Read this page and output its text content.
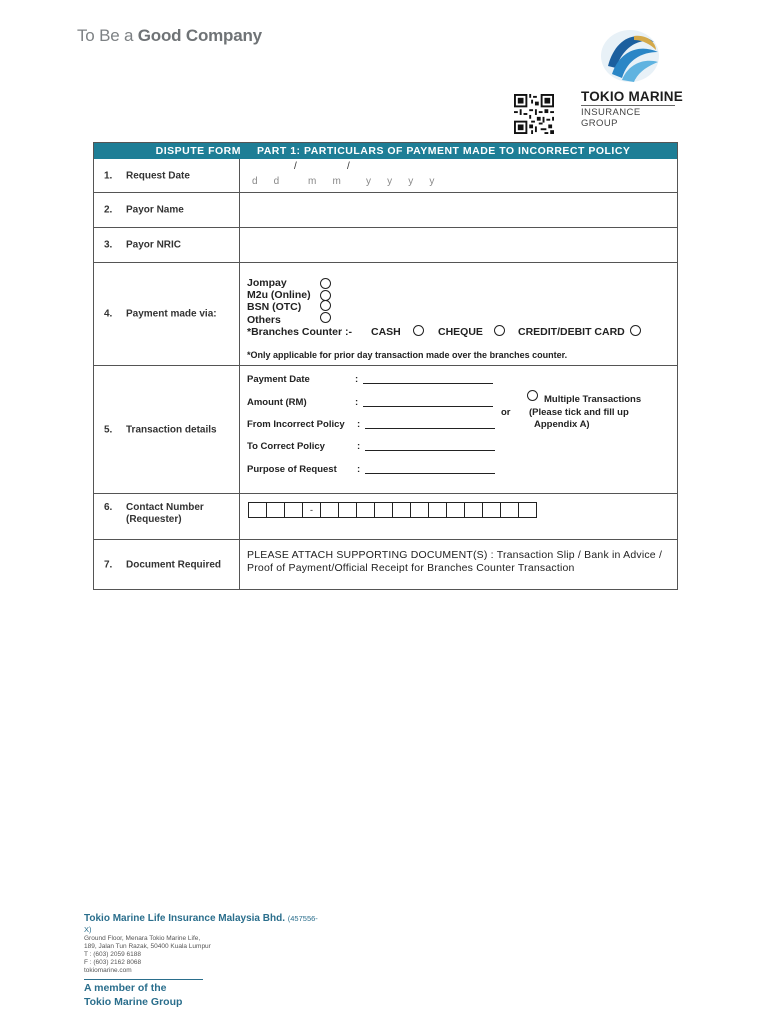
To Be a Good Company
TOKIO MARINE
INSURANCE GROUP
DISPUTE FORM	PART 1: PARTICULARS OF PAYMENT MADE TO INCORRECT POLICY
1.	Request Date
/	/
d    d	m    m y    y    y    y
2.	Payor Name
3.	Payor NRIC
4.	Payment made via:
Jompay
M2u (Online)
BSN (OTC)
Others
*Branches Counter :- CASH	CHEQUE	CREDIT/DEBIT CARD
*Only applicable for prior day transaction made over the branches counter.
5.	Transaction details
Payment Date	:
Amount (RM)	:
From Incorrect Policy :
To Correct Policy	:
Purpose of Request :
or
Multiple Transactions
(Please tick and fill up
Appendix A)
6.	Contact Number
(Requester)
-
7.	Document Required
PLEASE ATTACH SUPPORTING DOCUMENT(S) : Transaction Slip / Bank in Advice / Proof of Payment/Official Receipt for Branches Counter Transaction
Tokio Marine Life Insurance Malaysia Bhd. (457556-X)
Ground Floor, Menara Tokio Marine Life,
189, Jalan Tun Razak, 50400 Kuala Lumpur
T : (603) 2059 6188
F : (603) 2162 8068
tokiomarine.com
A member of the
Tokio Marine Group
